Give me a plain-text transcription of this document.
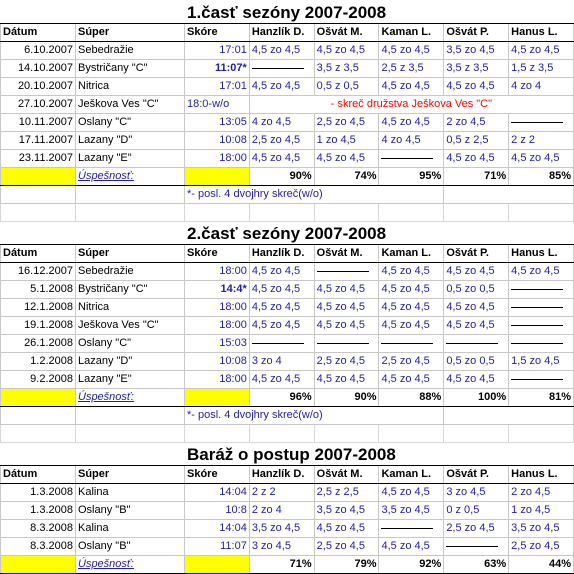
		1.časť sezóny 2007-2008					
Dátum	Súper	Skóre	Hanzlík D.	Ošvát M.	Kaman L.	Ošvát P.	Hanus L.
6.10.2007	Sebedražie	17:01	4,5 zo 4,5	4,5 zo 4,5	4,5 zo 4,5	3,5 zo 4,5	4,5 zo 4,5
14.10.2007	Bystričany "C"	11:07*		3,5 z 3,5	2,5 z 3,5	3,5 z 3,5	1,5 z 3,5
20.10.2007	Nitrica	17:01	4,5 zo 4,5	0,5 z 0,5	4,5 zo 4,5	4,5 zo 4,5	4 zo 4
27.10.2007	Ješkova Ves "C"	18:0-w/o	- skreč družstva Ješkova Ves "C"				
10.11.2007	Oslany "C"	13:05	4 zo 4,5	2,5 zo 4,5	4,5 zo 4,5	2 zo 4,5	
17.11.2007	Lazany "D"	10:08	2,5 zo 4,5	1 zo 4,5	4 zo 4,5	0,5 z 2,5	2 z 2
23.11.2007	Lazany "E"	18:00	4,5 zo 4,5	4,5 zo 4,5		4,5 zo 4,5	4,5 zo 4,5
	Úspešnosť:		90%	74%	95%	71%	85%
		*- posl. 4 dvojhry skreč(w/o)					

		2.časť sezóny 2007-2008					
Dátum	Súper	Skóre	Hanzlík D.	Ošvát M.	Kaman L.	Ošvát P.	Hanus L.
16.12.2007	Sebedražie	18:00	4,5 zo 4,5		4,5 zo 4,5	4,5 zo 4,5	4,5 zo 4,5
5.1.2008	Bystričany "C"	14:4*	4,5 zo 4,5	4,5 zo 4,5	4,5 zo 4,5	0,5 zo 0,5	
12.1.2008	Nitrica	18:00	4,5 zo 4,5	4,5 zo 4,5	4,5 zo 4,5	4,5 zo 4,5	
19.1.2008	Ješkova Ves "C"	18:00	4,5 zo 4,5	4,5 zo 4,5	4,5 zo 4,5	4,5 zo 4,5	
26.1.2008	Oslany "C"	15:03					
1.2.2008	Lazany "D"	10:08	3 zo 4	2,5 zo 4,5	2,5 zo 4,5	0,5 zo 0,5	1,5 zo 4,5
9.2.2008	Lazany "E"	18:00	4,5 zo 4,5	4,5 zo 4,5	4,5 zo 4,5	4,5 zo 4,5	
	Úspešnosť:		96%	90%	88%	100%	81%
		*- posl. 4 dvojhry skreč(w/o)					

		Baráž o postup 2007-2008					
Dátum	Súper	Skóre	Hanzlík D.	Ošvát M.	Kaman L.	Ošvát P.	Hanus L.
1.3.2008	Kalina	14:04	2 z 2	2,5 z 2,5	4,5 zo 4,5	3 zo 4,5	2 zo 4,5
1.3.2008	Oslany "B"	10:8	2 zo 4	3,5 zo 4,5	3,5 zo 4,5	0 z 0,5	1 zo 4,5
8.3.2008	Kalina	14:04	3,5 zo 4,5	4,5 zo 4,5		2,5 zo 4,5	3,5 zo 4,5
8.3.2008	Oslany "B"	11:07	3 zo 4,5	2,5 zo 4,5	4,5 zo 4,5		2,5 zo 4,5
	Úspešnosť:		71%	79%	92%	63%	44%
